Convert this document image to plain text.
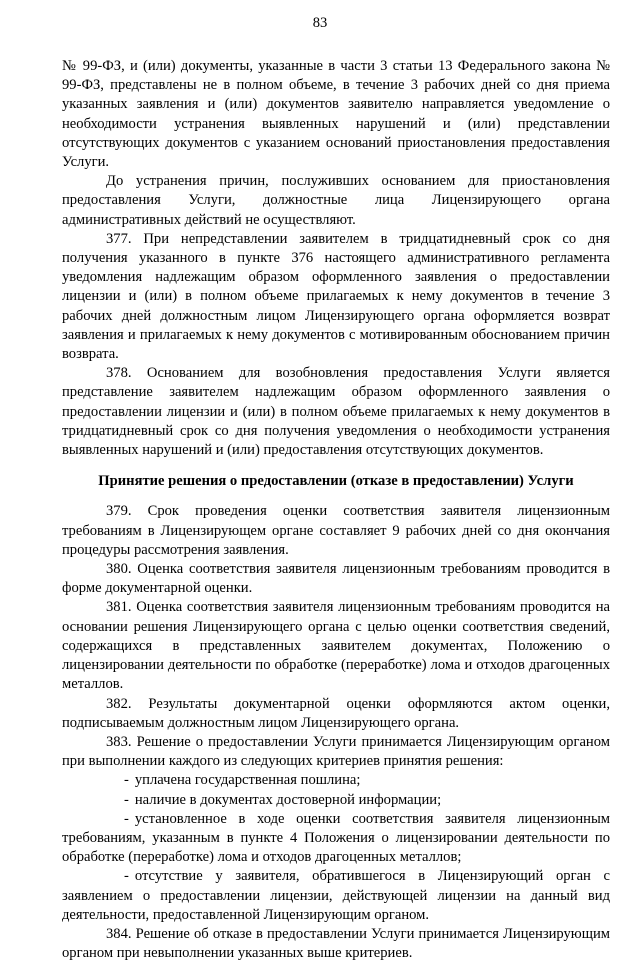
83

№ 99-ФЗ, и (или) документы, указанные в части 3 статьи 13 Федерального закона № 99-ФЗ, представлены не в полном объеме, в течение 3 рабочих дней со дня приема указанных заявления и (или) документов заявителю направляется уведомление о необходимости устранения выявленных нарушений и (или) представлении отсутствующих документов с указанием оснований приостановления предоставления Услуги.

До устранения причин, послуживших основанием для приостановления предоставления Услуги, должностные лица Лицензирующего органа административных действий не осуществляют.

377. При непредставлении заявителем в тридцатидневный срок со дня получения указанного в пункте 376 настоящего административного регламента уведомления надлежащим образом оформленного заявления о предоставлении лицензии и (или) в полном объеме прилагаемых к нему документов в течение 3 рабочих дней должностным лицом Лицензирующего органа оформляется возврат заявления и прилагаемых к нему документов с мотивированным обоснованием причин возврата.

378. Основанием для возобновления предоставления Услуги является представление заявителем надлежащим образом оформленного заявления о предоставлении лицензии и (или) в полном объеме прилагаемых к нему документов в тридцатидневный срок со дня получения уведомления о необходимости устранения выявленных нарушений и (или) предоставления отсутствующих документов.

Принятие решения о предоставлении (отказе в предоставлении) Услуги

379. Срок проведения оценки соответствия заявителя лицензионным требованиям в Лицензирующем органе составляет 9 рабочих дней со дня окончания процедуры рассмотрения заявления.

380. Оценка соответствия заявителя лицензионным требованиям проводится в форме документарной оценки.

381. Оценка соответствия заявителя лицензионным требованиям проводится на основании решения Лицензирующего органа с целью оценки соответствия сведений, содержащихся в представленных заявителем документах, Положению о лицензировании деятельности по обработке (переработке) лома и отходов драгоценных металлов.

382. Результаты документарной оценки оформляются актом оценки, подписываемым должностным лицом Лицензирующего органа.

383. Решение о предоставлении Услуги принимается Лицензирующим органом при выполнении каждого из следующих критериев принятия решения:

- уплачена государственная пошлина;

- наличие в документах достоверной информации;

- установленное в ходе оценки соответствия заявителя лицензионным требованиям, указанным в пункте 4 Положения о лицензировании деятельности по обработке (переработке) лома и отходов драгоценных металлов;

- отсутствие у заявителя, обратившегося в Лицензирующий орган с заявлением о предоставлении лицензии, действующей лицензии на данный вид деятельности, предоставленной Лицензирующим органом.

384. Решение об отказе в предоставлении Услуги принимается Лицензирующим органом при невыполнении указанных выше критериев.
